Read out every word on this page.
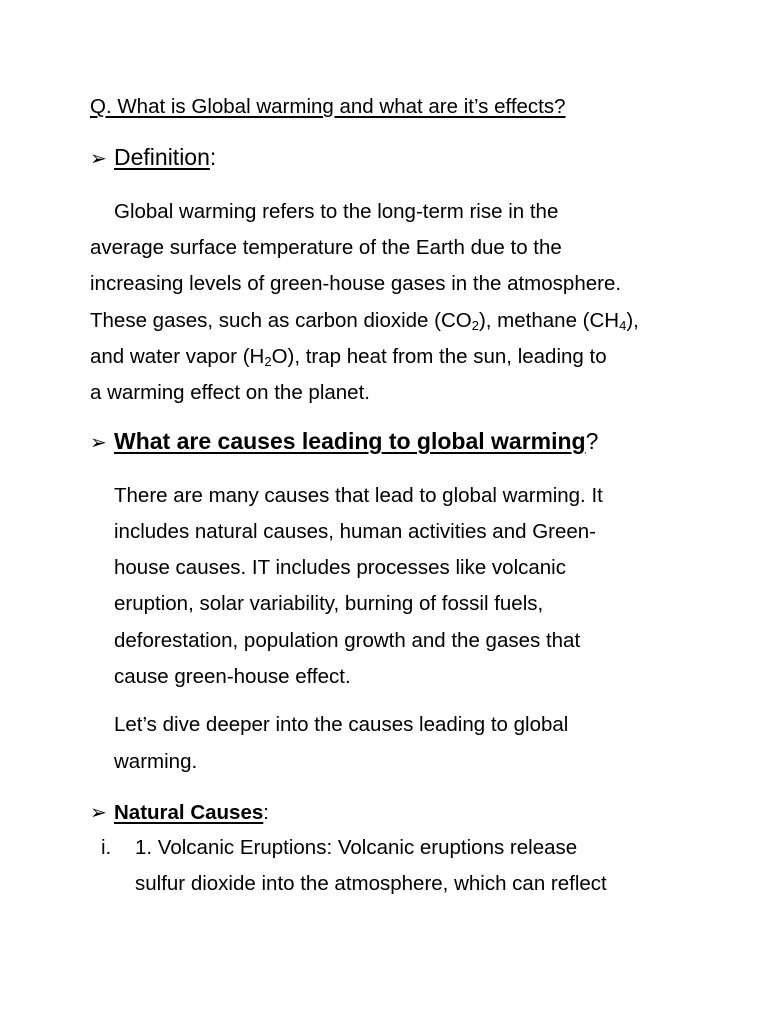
Q. What is Global warming and what are it’s effects?
➢ Definition :
Global warming refers to the long-term rise in the
average surface temperature of the Earth due to the
increasing levels of green-house gases in the atmosphere.
These gases, such as carbon dioxide $(CO_2)$, methane $(CH_4)$,
and water vapor $(H_2O)$, trap heat from the sun, leading to
a warming effect on the planet.
➢ What are causes leading to global warming ?
There are many causes that lead to global warming. It
includes natural causes, human activities and Green-
house causes. IT includes processes like volcanic
eruption, solar variability, burning of fossil fuels,
deforestation, population growth and the gases that
cause green-house effect.
Let’s dive deeper into the causes leading to global
warming.
➢ Natural Causes :
i. 1. Volcanic Eruptions: Volcanic eruptions release
sulfur dioxide into the atmosphere, which can reflect
